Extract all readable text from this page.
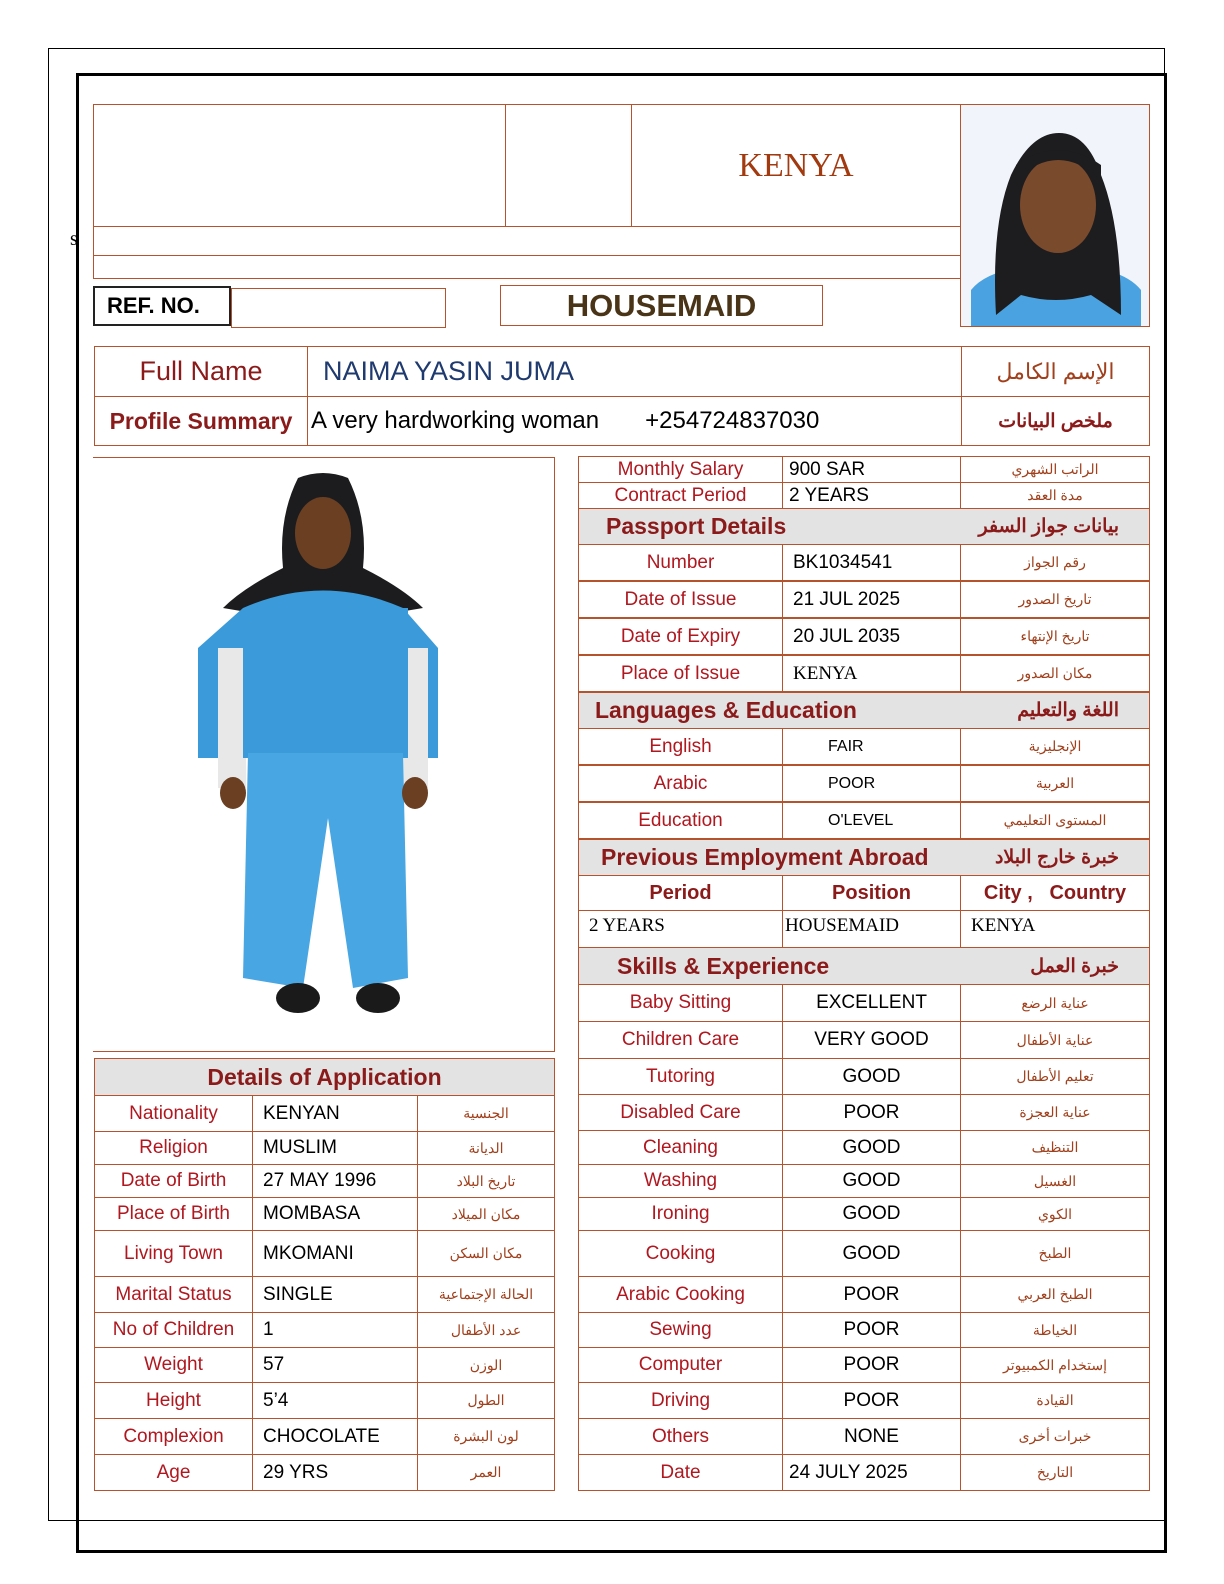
KENYA
s
REF. NO.	HOUSEMAID
Full Name	NAIMA YASIN JUMA	الإسم الكامل
Profile Summary A very hardworking woman +254724837030	ملخص البيانات
Monthly Salary	900 SAR	الراتب الشهري
Contract Period	2 YEARS	مدة العقد
Passport Details	بيانات جواز السفر
Number	BK1034541	رقم الجواز
Date of Issue	21 JUL 2025	تاريخ الصدور
Date of Expiry	20 JUL 2035	تاريخ الإنتهاء
Place of Issue	KENYA	مكان الصدور
Languages & Education	اللغة والتعليم
English	FAIR	الإنجليزية
Arabic	POOR	العربية
Education	O'LEVEL	المستوى التعليمي
Previous Employment Abroad	خبرة خارج البلاد
Period	Position	City ,   Country
2 YEARS	HOUSEMAID	KENYA
Skills & Experience	خبرة العمل
Baby Sitting	EXCELLENT	عناية الرضع
Children Care	VERY GOOD	عناية الأطفال
Tutoring	GOOD	تعليم الأطفال
Disabled Care	POOR	عناية العجزة
Cleaning	GOOD	التنظيف
Washing	GOOD	الغسيل
Ironing	GOOD	الكوي
Cooking	GOOD	الطبخ
Arabic Cooking	POOR	الطبخ العربي
Sewing	POOR	الخياطة
Computer	POOR	إستخدام الكمبيوتر
Driving	POOR	القيادة
Others	NONE	خبرات أخرى
Date	24 JULY 2025	التاريخ
Details of Application
Nationality	KENYAN	الجنسية
Religion	MUSLIM	الديانة
Date of Birth	27 MAY 1996	تاريخ البلاد
Place of Birth	MOMBASA	مكان الميلاد
Living Town	MKOMANI	مكان السكن
Marital Status	SINGLE	الحالة الإجتماعية
No of Children	1	عدد الأطفال
Weight	57	الوزن
Height	5’4	الطول
Complexion	CHOCOLATE	لون البشرة
Age	29 YRS	العمر
